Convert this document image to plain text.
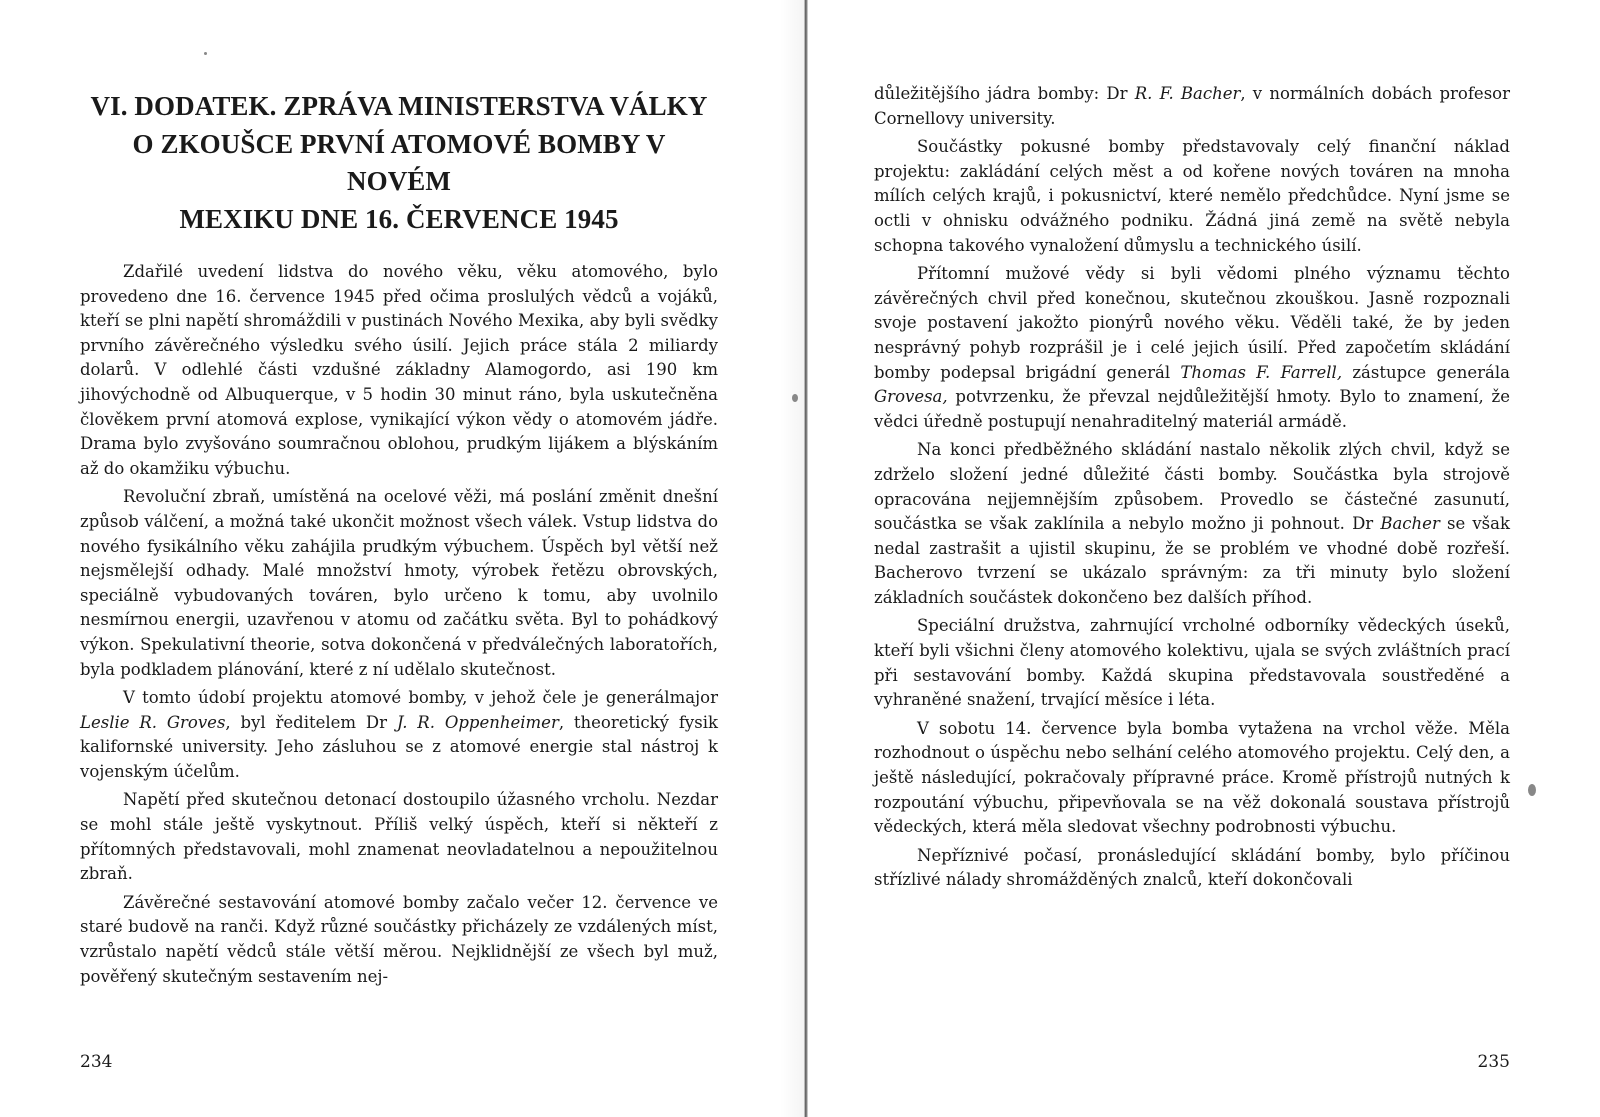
VI. DODATEK. ZPRÁVA MINISTERSTVA VÁLKY
O ZKOUŠCE PRVNÍ ATOMOVÉ BOMBY V NOVÉM
MEXIKU DNE 16. ČERVENCE 1945

Zdařilé uvedení lidstva do nového věku, věku atomového, bylo provedeno dne 16. července 1945 před očima proslulých vědců a vojáků, kteří se plni napětí shromáždili v pustinách Nového Mexika, aby byli svědky prvního závěrečného výsledku svého úsilí. Jejich práce stála 2 miliardy dolarů. V odlehlé části vzdušné základny Alamogordo, asi 190 km jihovýchodně od Albuquerque, v 5 hodin 30 minut ráno, byla uskutečněna člověkem první atomová explose, vynikající výkon vědy o atomovém jádře. Drama bylo zvyšováno soumračnou oblohou, prudkým lijákem a blýskáním až do okamžiku výbuchu.

Revoluční zbraň, umístěná na ocelové věži, má poslání změnit dnešní způsob válčení, a možná také ukončit možnost všech válek. Vstup lidstva do nového fysikálního věku zahájila prudkým výbuchem. Úspěch byl větší než nejsmělejší odhady. Malé množství hmoty, výrobek řetězu obrovských, speciálně vybudovaných továren, bylo určeno k tomu, aby uvolnilo nesmírnou energii, uzavřenou v atomu od začátku světa. Byl to pohádkový výkon. Spekulativní theorie, sotva dokončená v předválečných laboratořích, byla podkladem plánování, které z ní udělalo skutečnost.

V tomto údobí projektu atomové bomby, v jehož čele je generálmajor Leslie R. Groves, byl ředitelem Dr J. R. Oppenheimer, theoretický fysik kalifornské university. Jeho zásluhou se z atomové energie stal nástroj k vojenským účelům.

Napětí před skutečnou detonací dostoupilo úžasného vrcholu. Nezdar se mohl stále ještě vyskytnout. Příliš velký úspěch, kteří si někteří z přítomných představovali, mohl znamenat neovladatelnou a nepoužitelnou zbraň.

Závěrečné sestavování atomové bomby začalo večer 12. července ve staré budově na ranči. Když různé součástky přicházely ze vzdálených míst, vzrůstalo napětí vědců stále větší měrou. Nejklidnější ze všech byl muž, pověřený skutečným sestavením nej-

234

důležitějšího jádra bomby: Dr R. F. Bacher, v normálních dobách profesor Cornellovy university.

Součástky pokusné bomby představovaly celý finanční náklad projektu: zakládání celých měst a od kořene nových továren na mnoha mílích celých krajů, i pokusnictví, které nemělo předchůdce. Nyní jsme se octli v ohnisku odvážného podniku. Žádná jiná země na světě nebyla schopna takového vynaložení důmyslu a technického úsilí.

Přítomní mužové vědy si byli vědomi plného významu těchto závěrečných chvil před konečnou, skutečnou zkouškou. Jasně rozpoznali svoje postavení jakožto pionýrů nového věku. Věděli také, že by jeden nesprávný pohyb rozprášil je i celé jejich úsilí. Před započetím skládání bomby podepsal brigádní generál Thomas F. Farrell, zástupce generála Grovesa, potvrzenku, že převzal nejdůležitější hmoty. Bylo to znamení, že vědci úředně postupují nenahraditelný materiál armádě.

Na konci předběžného skládání nastalo několik zlých chvil, když se zdrželo složení jedné důležité části bomby. Součástka byla strojově opracována nejjemnějším způsobem. Provedlo se částečné zasunutí, součástka se však zaklínila a nebylo možno ji pohnout. Dr Bacher se však nedal zastrašit a ujistil skupinu, že se problém ve vhodné době rozřeší. Bacherovo tvrzení se ukázalo správným: za tři minuty bylo složení základních součástek dokončeno bez dalších příhod.

Speciální družstva, zahrnující vrcholné odborníky vědeckých úseků, kteří byli všichni členy atomového kolektivu, ujala se svých zvláštních prací při sestavování bomby. Každá skupina představovala soustředěné a vyhraněné snažení, trvající měsíce i léta.

V sobotu 14. července byla bomba vytažena na vrchol věže. Měla rozhodnout o úspěchu nebo selhání celého atomového projektu. Celý den, a ještě následující, pokračovaly přípravné práce. Kromě přístrojů nutných k rozpoutání výbuchu, připevňovala se na věž dokonalá soustava přístrojů vědeckých, která měla sledovat všechny podrobnosti výbuchu.

Nepříznivé počasí, pronásledující skládání bomby, bylo příčinou střízlivé nálady shromážděných znalců, kteří dokončovali

235
